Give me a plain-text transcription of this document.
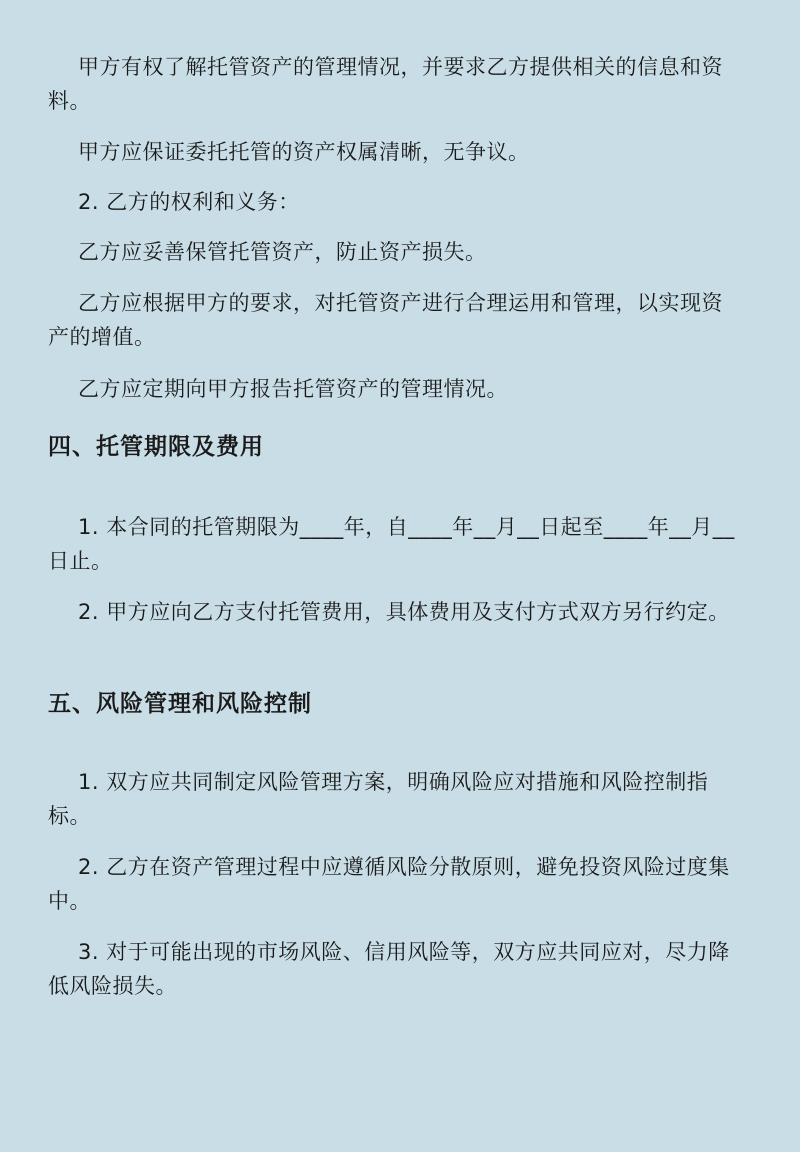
甲方有权了解托管资产的管理情况，并要求乙方提供相关的信息和资料。

甲方应保证委托托管的资产权属清晰，无争议。

2. 乙方的权利和义务：

乙方应妥善保管托管资产，防止资产损失。

乙方应根据甲方的要求，对托管资产进行合理运用和管理，以实现资产的增值。

乙方应定期向甲方报告托管资产的管理情况。

四、托管期限及费用

1. 本合同的托管期限为____年，自____年__月__日起至____年__月__日止。

2. 甲方应向乙方支付托管费用，具体费用及支付方式双方另行约定。

五、风险管理和风险控制

1. 双方应共同制定风险管理方案，明确风险应对措施和风险控制指标。

2. 乙方在资产管理过程中应遵循风险分散原则，避免投资风险过度集中。

3. 对于可能出现的市场风险、信用风险等，双方应共同应对，尽力降低风险损失。
